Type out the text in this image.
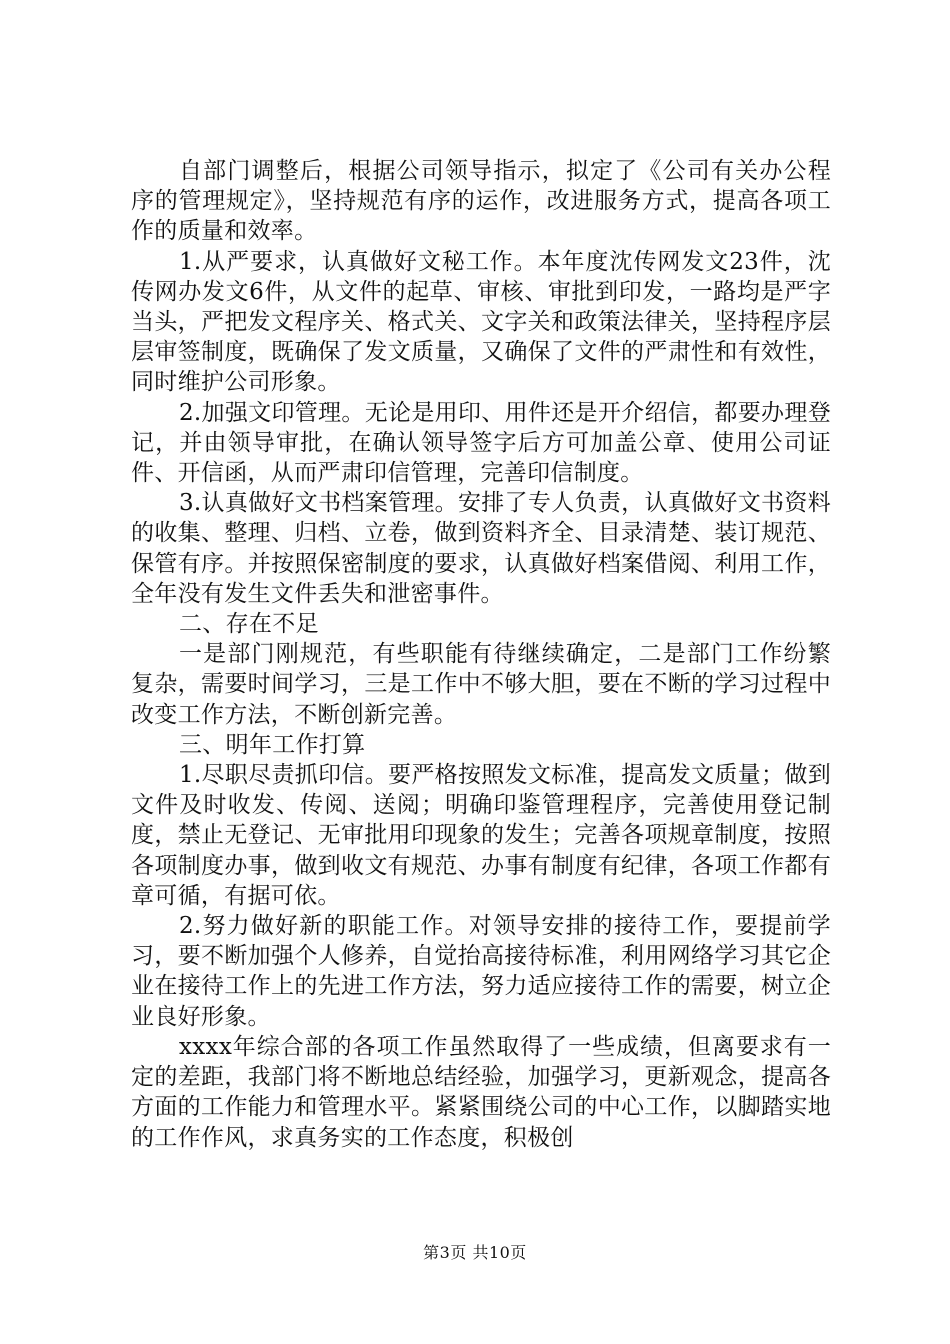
自部门调整后，根据公司领导指示，拟定了《公司有关办公程序的管理规定》，坚持规范有序的运作，改进服务方式，提高各项工作的质量和效率。

1.从严要求，认真做好文秘工作。本年度沈传网发文23件，沈传网办发文6件，从文件的起草、审核、审批到印发，一路均是严字当头，严把发文程序关、格式关、文字关和政策法律关，坚持程序层层审签制度，既确保了发文质量，又确保了文件的严肃性和有效性，同时维护公司形象。

2.加强文印管理。无论是用印、用件还是开介绍信，都要办理登记，并由领导审批，在确认领导签字后方可加盖公章、使用公司证件、开信函，从而严肃印信管理，完善印信制度。

3.认真做好文书档案管理。安排了专人负责，认真做好文书资料的收集、整理、归档、立卷，做到资料齐全、目录清楚、装订规范、保管有序。并按照保密制度的要求，认真做好档案借阅、利用工作，全年没有发生文件丢失和泄密事件。

二、存在不足

一是部门刚规范，有些职能有待继续确定，二是部门工作纷繁复杂，需要时间学习，三是工作中不够大胆，要在不断的学习过程中改变工作方法，不断创新完善。

三、明年工作打算

1.尽职尽责抓印信。要严格按照发文标准，提高发文质量；做到文件及时收发、传阅、送阅；明确印鉴管理程序，完善使用登记制度，禁止无登记、无审批用印现象的发生；完善各项规章制度，按照各项制度办事，做到收文有规范、办事有制度有纪律，各项工作都有章可循，有据可依。

2.努力做好新的职能工作。对领导安排的接待工作，要提前学习，要不断加强个人修养，自觉抬高接待标准，利用网络学习其它企业在接待工作上的先进工作方法，努力适应接待工作的需要，树立企业良好形象。

xxxx年综合部的各项工作虽然取得了一些成绩，但离要求有一定的差距，我部门将不断地总结经验，加强学习，更新观念，提高各方面的工作能力和管理水平。紧紧围绕公司的中心工作，以脚踏实地的工作作风，求真务实的工作态度，积极创

第3页 共10页
